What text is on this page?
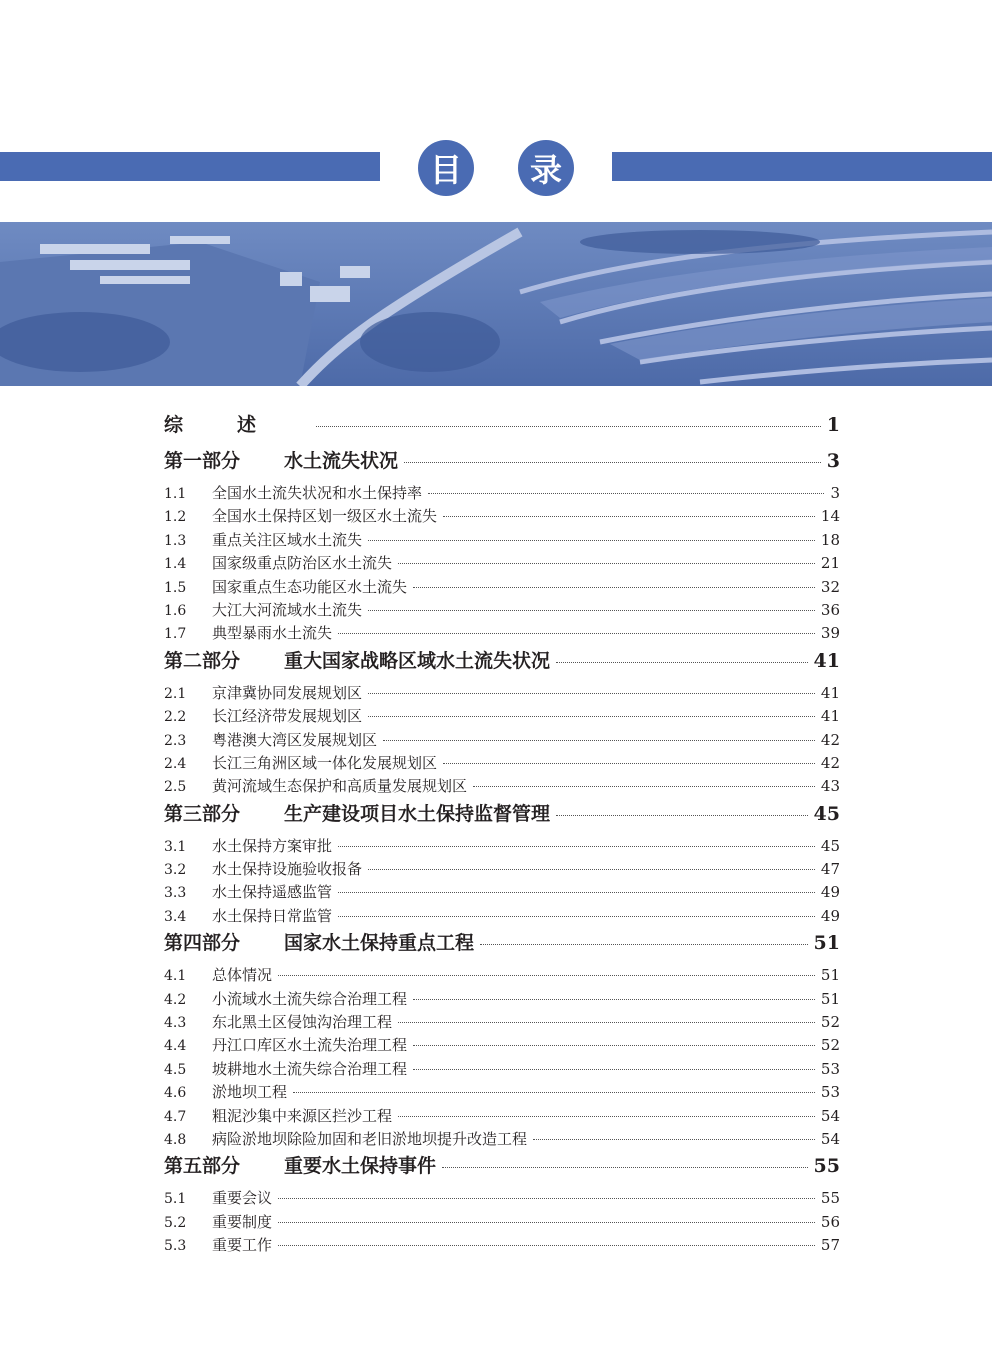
目	录
综述	1
第一部分	水土流失状况	3
1.1	全国水土流失状况和水土保持率	3
1.2	全国水土保持区划一级区水土流失	14
1.3	重点关注区域水土流失	18
1.4	国家级重点防治区水土流失	21
1.5	国家重点生态功能区水土流失	32
1.6	大江大河流域水土流失	36
1.7	典型暴雨水土流失	39
第二部分	重大国家战略区域水土流失状况	41
2.1	京津冀协同发展规划区	41
2.2	长江经济带发展规划区	41
2.3	粤港澳大湾区发展规划区	42
2.4	长江三角洲区域一体化发展规划区	42
2.5	黄河流域生态保护和高质量发展规划区	43
第三部分	生产建设项目水土保持监督管理	45
3.1	水土保持方案审批	45
3.2	水土保持设施验收报备	47
3.3	水土保持遥感监管	49
3.4	水土保持日常监管	49
第四部分	国家水土保持重点工程	51
4.1	总体情况	51
4.2	小流域水土流失综合治理工程	51
4.3	东北黑土区侵蚀沟治理工程	52
4.4	丹江口库区水土流失治理工程	52
4.5	坡耕地水土流失综合治理工程	53
4.6	淤地坝工程	53
4.7	粗泥沙集中来源区拦沙工程	54
4.8	病险淤地坝除险加固和老旧淤地坝提升改造工程	54
第五部分	重要水土保持事件	55
5.1	重要会议	55
5.2	重要制度	56
5.3	重要工作	57
